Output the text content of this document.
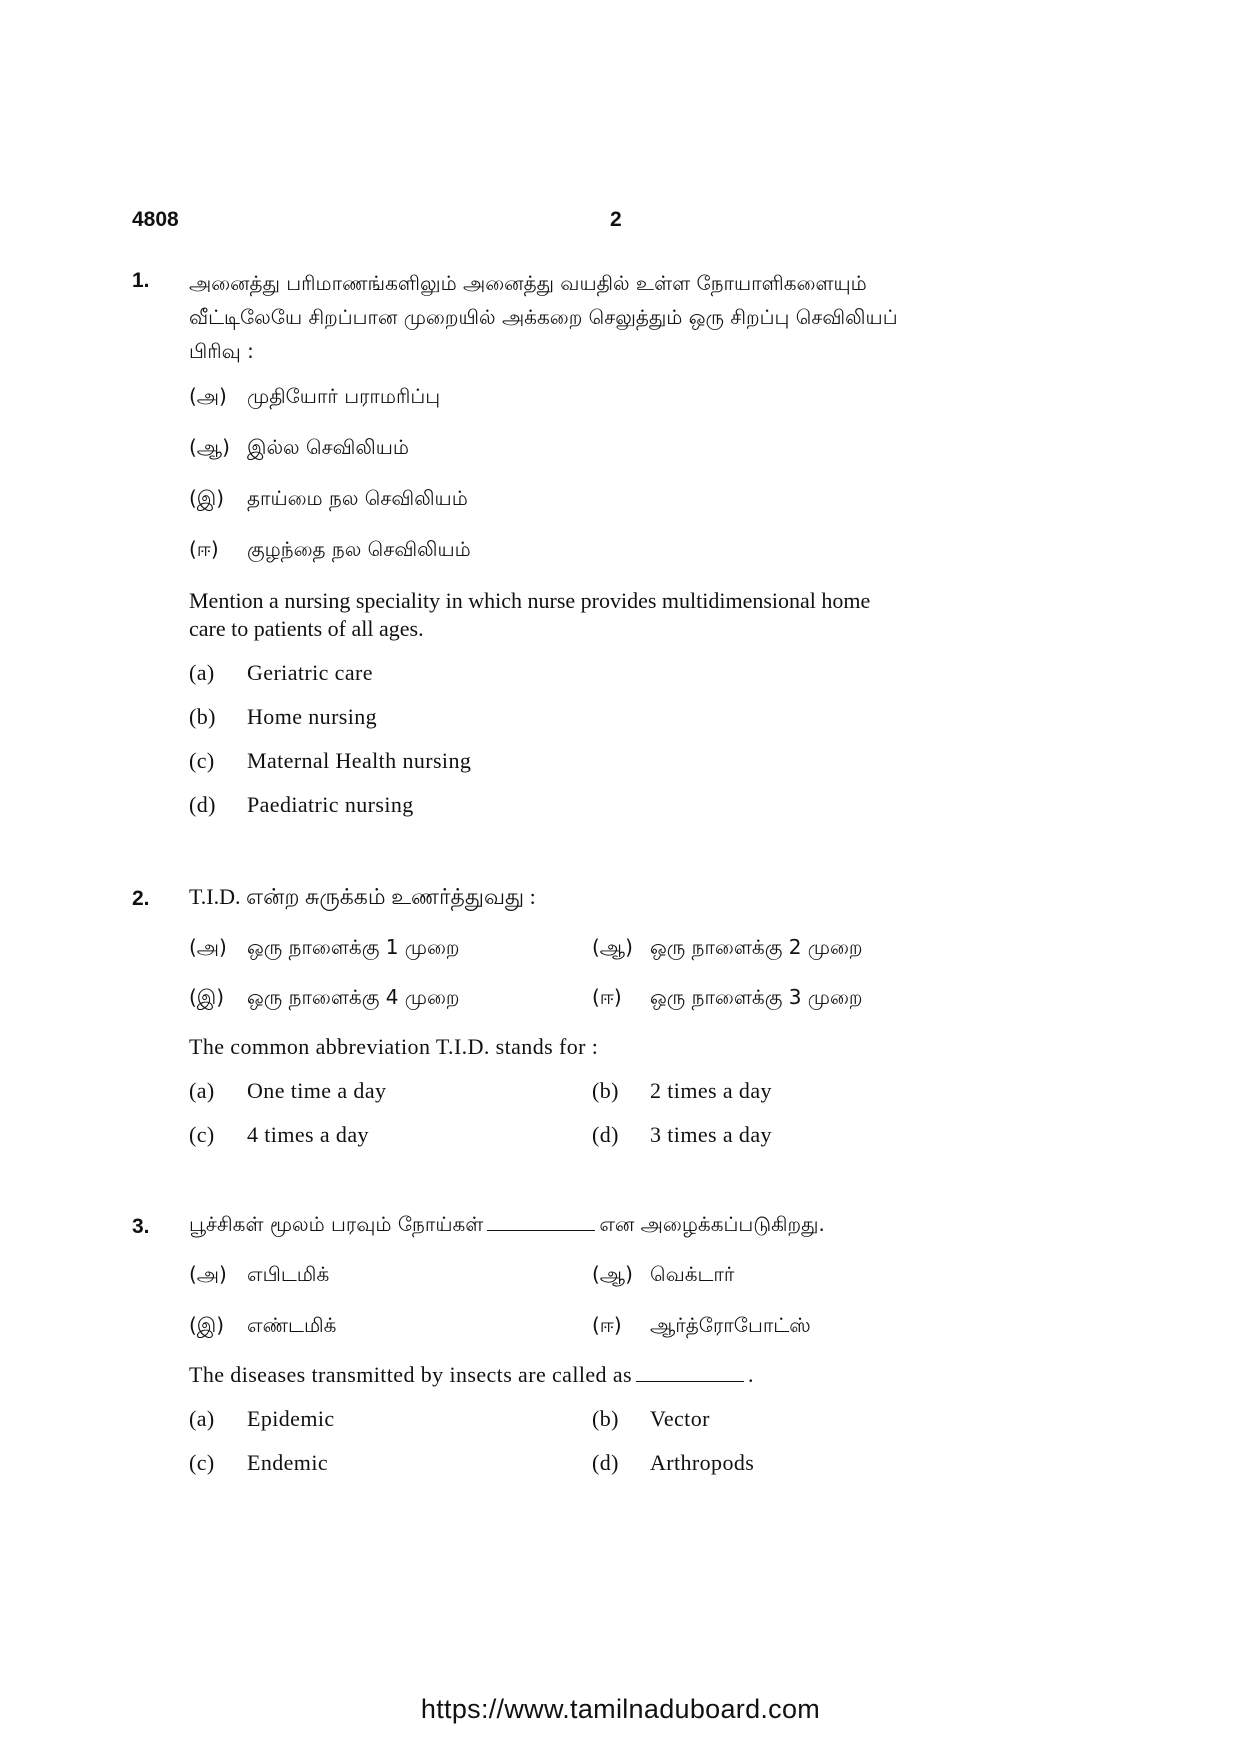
4808	2
1. அனைத்து பரிமாணங்களிலும் அனைத்து வயதில் உள்ள நோயாளிகளையும்

வீட்டிலேயே சிறப்பான முறையில் அக்கறை செலுத்தும் ஒரு சிறப்பு செவிலியப்

பிரிவு :

(அ) முதியோர் பராமரிப்பு
(ஆ) இல்ல செவிலியம்
(இ) தாய்மை நல செவிலியம்
(ஈ) குழந்தை நல செவிலியம்

Mention a nursing speciality in which nurse provides multidimensional home

care to patients of all ages.

(a) Geriatric care
(b) Home nursing
(c) Maternal Health nursing
(d) Paediatric nursing
2. T.I.D. என்ற சுருக்கம் உணர்த்துவது :
(அ) ஒரு நாளைக்கு 1 முறை	(ஆ) ஒரு நாளைக்கு 2 முறை
(இ) ஒரு நாளைக்கு 4 முறை	(ஈ) ஒரு நாளைக்கு 3 முறை
The common abbreviation T.I.D. stands for :
(a) One time a day	(b) 2 times a day
(c) 4 times a day	(d) 3 times a day
3. பூச்சிகள் மூலம் பரவும் நோய்கள்	என அழைக்கப்படுகிறது.
(அ) எபிடமிக்	(ஆ) வெக்டார்
(இ) எண்டமிக்	(ஈ) ஆர்த்ரோபோட்ஸ்
The diseases transmitted by insects are called as	.
(a) Epidemic	(b) Vector
(c) Endemic	(d) Arthropods
https://www.tamilnaduboard.com
